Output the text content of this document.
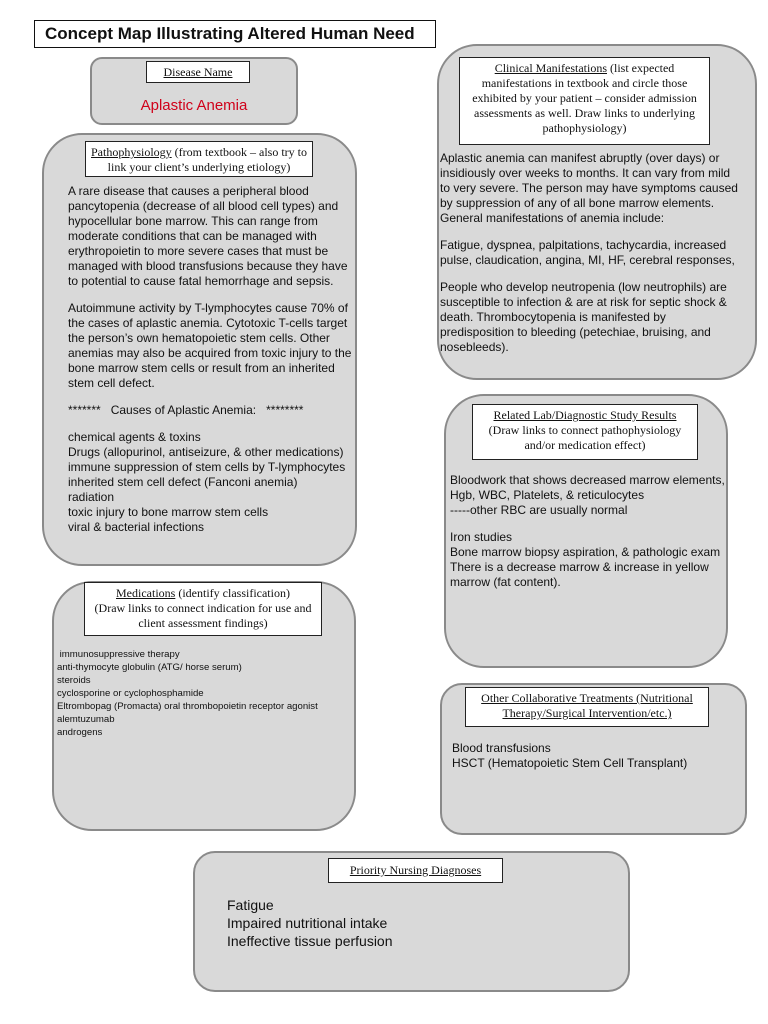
Concept Map Illustrating Altered Human Need
Disease Name
Aplastic Anemia
Pathophysiology (from textbook – also try to link your client’s underlying etiology)

A rare disease that causes a peripheral blood pancytopenia (decrease of all blood cell types) and hypocellular bone marrow. This can range from moderate conditions that can be managed with erythropoietin to more severe cases that must be managed with blood transfusions because they have to potential to cause fatal hemorrhage and sepsis.

Autoimmune activity by T-lymphocytes cause 70% of the cases of aplastic anemia. Cytotoxic T-cells target the person’s own hematopoietic stem cells. Other anemias may also be acquired from toxic injury to the bone marrow stem cells or result from an inherited stem cell defect.

*******   Causes of Aplastic Anemia:   ********

chemical agents & toxins

Drugs (allopurinol, antiseizure, & other medications)

immune suppression of stem cells by T-lymphocytes

inherited stem cell defect (Fanconi anemia)

radiation

toxic injury to bone marrow stem cells

viral & bacterial infections

Clinical Manifestations (list expected manifestations in textbook and circle those exhibited by your patient – consider admission assessments as well. Draw links to underlying pathophysiology)

Aplastic anemia can manifest abruptly (over days) or insidiously over weeks to months. It can vary from mild to very severe. The person may have symptoms caused by suppression of any of all bone marrow elements. General manifestations of anemia include:

Fatigue, dyspnea, palpitations, tachycardia, increased pulse, claudication, angina, MI, HF, cerebral responses,

People who develop neutropenia (low neutrophils) are susceptible to infection & are at risk for septic shock & death. Thrombocytopenia is manifested by predisposition to bleeding (petechiae, bruising, and nosebleeds).

Related Lab/Diagnostic Study Results
(Draw links to connect pathophysiology and/or medication effect)

Bloodwork that shows decreased marrow elements,

Hgb, WBC, Platelets, & reticulocytes

-----other RBC are usually normal

Iron studies

Bone marrow biopsy aspiration, & pathologic exam

There is a decrease marrow & increase in yellow marrow (fat content).

Medications (identify classification)
(Draw links to connect indication for use and client assessment findings)

immunosuppressive therapy

anti-thymocyte globulin (ATG/ horse serum)

steroids

cyclosporine or cyclophosphamide

Eltrombopag (Promacta) oral thrombopoietin receptor agonist

alemtuzumab

androgens

Other Collaborative Treatments (Nutritional Therapy/Surgical Intervention/etc.)

Blood transfusions

HSCT (Hematopoietic Stem Cell Transplant)

Priority Nursing Diagnoses

Fatigue

Impaired nutritional intake

Ineffective tissue perfusion
